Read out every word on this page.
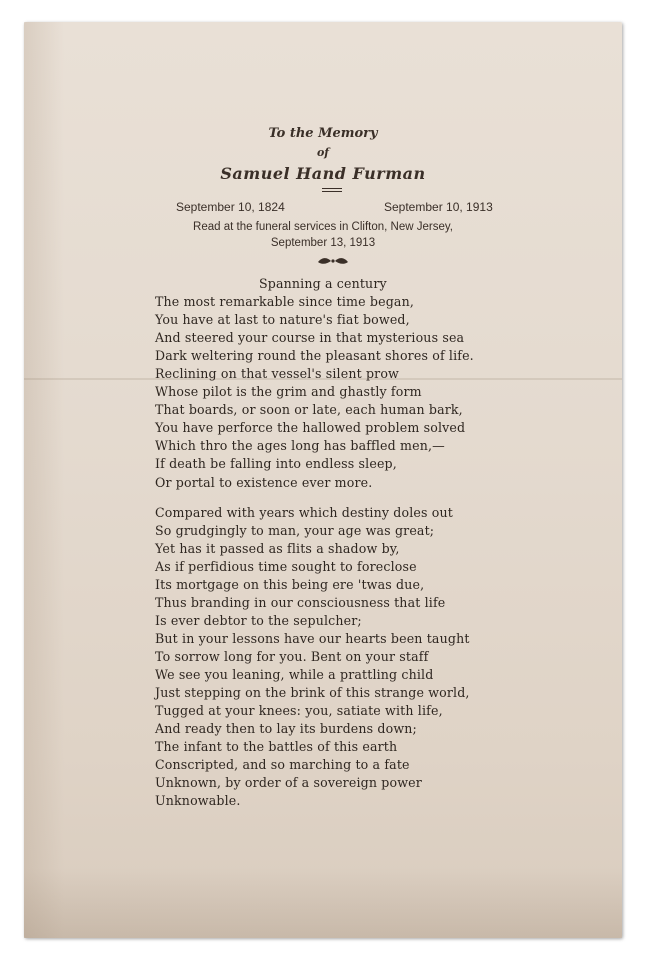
To the Memory
of
Samuel Hand Furman
September 10, 1824	September 10, 1913
Read at the funeral services in Clifton, New Jersey,
September 13, 1913
Spanning a century
The most remarkable since time began,
You have at last to nature's fiat bowed,
And steered your course in that mysterious sea
Dark weltering round the pleasant shores of life.
Reclining on that vessel's silent prow
Whose pilot is the grim and ghastly form
That boards, or soon or late, each human bark,
You have perforce the hallowed problem solved
Which thro the ages long has baffled men,—
If death be falling into endless sleep,
Or portal to existence ever more.
Compared with years which destiny doles out
So grudgingly to man, your age was great;
Yet has it passed as flits a shadow by,
As if perfidious time sought to foreclose
Its mortgage on this being ere 'twas due,
Thus branding in our consciousness that life
Is ever debtor to the sepulcher;
But in your lessons have our hearts been taught
To sorrow long for you. Bent on your staff
We see you leaning, while a prattling child
Just stepping on the brink of this strange world,
Tugged at your knees: you, satiate with life,
And ready then to lay its burdens down;
The infant to the battles of this earth
Conscripted, and so marching to a fate
Unknown, by order of a sovereign power
Unknowable.
